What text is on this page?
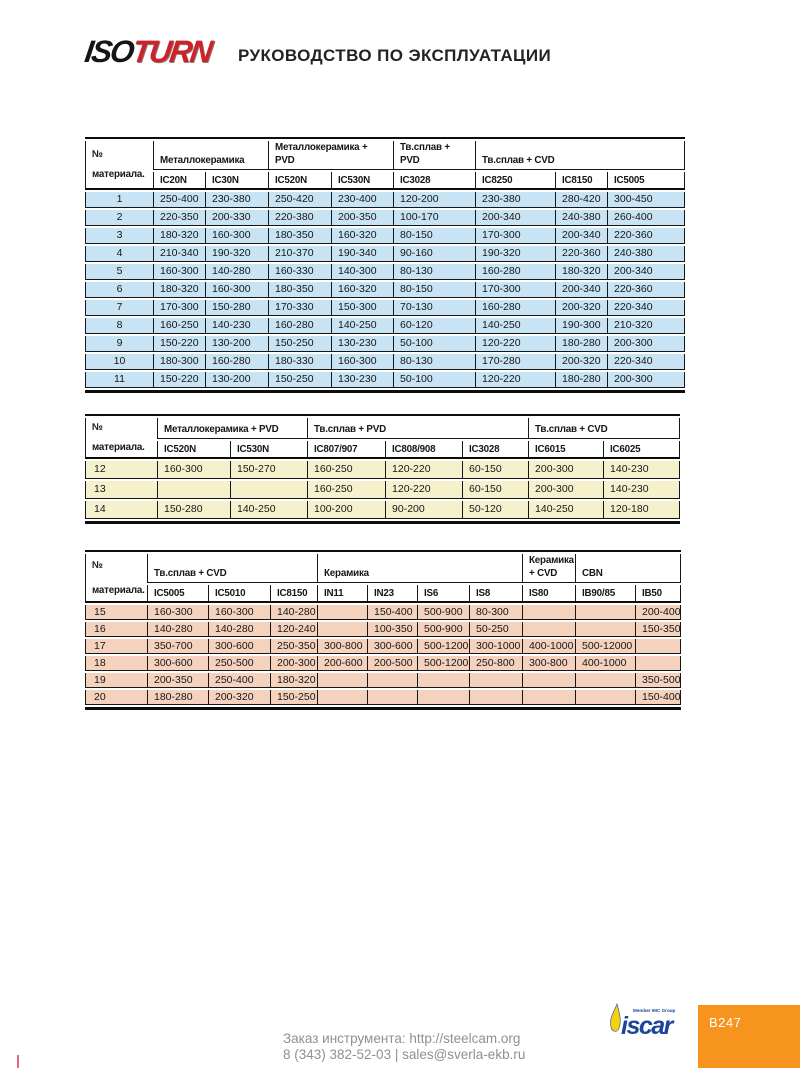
ISOTURN РУКОВОДСТВО ПО ЭКСПЛУАТАЦИИ
№
материала.	Металлокерамика		Металлокерамика + PVD		Тв.сплав + PVD	Тв.сплав + CVD		
	IC20N	IC30N	IC520N	IC530N	IC3028	IC8250	IC8150	IC5005
1	250-400	230-380	250-420	230-400	120-200	230-380	280-420	300-450
2	220-350	200-330	220-380	200-350	100-170	200-340	240-380	260-400
3	180-320	160-300	180-350	160-320	80-150	170-300	200-340	220-360
4	210-340	190-320	210-370	190-340	90-160	190-320	220-360	240-380
5	160-300	140-280	160-330	140-300	80-130	160-280	180-320	200-340
6	180-320	160-300	180-350	160-320	80-150	170-300	200-340	220-360
7	170-300	150-280	170-330	150-300	70-130	160-280	200-320	220-340
8	160-250	140-230	160-280	140-250	60-120	140-250	190-300	210-320
9	150-220	130-200	150-250	130-230	50-100	120-220	180-280	200-300
10	180-300	160-280	180-330	160-300	80-130	170-280	200-320	220-340
11	150-220	130-200	150-250	130-230	50-100	120-220	180-280	200-300
№
материала.	Металлокерамика + PVD		Тв.сплав + PVD			Тв.сплав + CVD	
	IC520N	IC530N	IC807/907	IC808/908	IC3028	IC6015	IC6025
12	160-300	150-270	160-250	120-220	60-150	200-300	140-230
13			160-250	120-220	60-150	200-300	140-230
14	150-280	140-250	100-200	90-200	50-120	140-250	120-180
№
материала.	Тв.сплав + CVD			Керамика				Керамика + CVD	CBN	
	IC5005	IC5010	IC8150	IN11	IN23	IS6	IS8	IS80	IB90/85	IB50
15	160-300	160-300	140-280		150-400	500-900	80-300			200-400
16	140-280	140-280	120-240		100-350	500-900	50-250			150-350
17	350-700	300-600	250-350	300-800	300-600	500-1200	300-1000	400-1000	500-12000	
18	300-600	250-500	200-300	200-600	200-500	500-1200	250-800	300-800	400-1000	
19	200-350	250-400	180-320							350-500
20	180-280	200-320	150-250							150-400
Заказ инструмента: http://steelcam.org
8 (343) 382-52-03 | sales@sverla-ekb.ru
Member IMC Group
iscar	B247
